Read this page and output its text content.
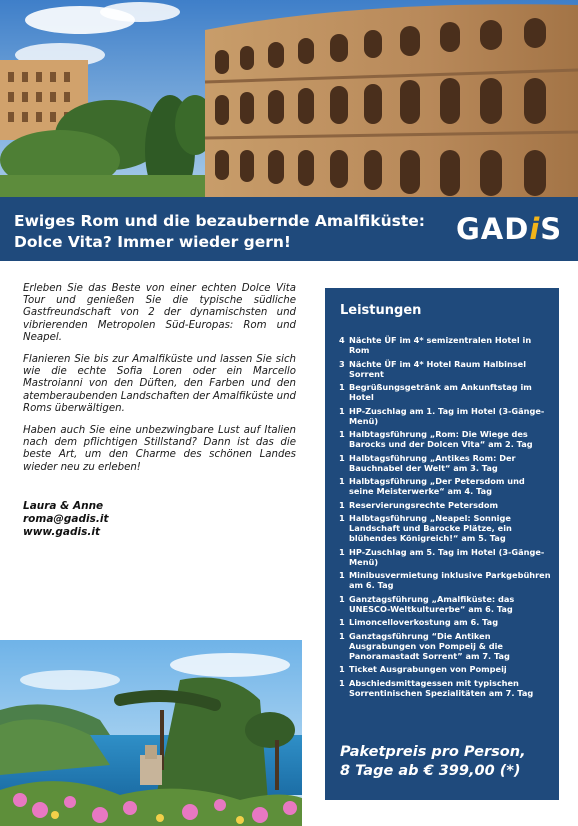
Ewiges Rom und die bezaubernde Amalfiküste:
Dolce Vita? Immer wieder gern!	GADiS

Erleben Sie das Beste von einer echten Dolce Vita Tour und genießen Sie die typische südliche Gastfreundschaft von 2 der dynamischsten und vibrierenden Metropolen Süd-Europas: Rom und Neapel.

Flanieren Sie bis zur Amalfiküste und lassen Sie sich wie die echte Sofia Loren oder ein Marcello Mastroianni von den Düften, den Farben und den atemberaubenden Landschaften der Amalfiküste und Roms überwältigen.

Haben auch Sie eine unbezwingbare Lust auf Italien nach dem pflichtigen Stillstand? Dann ist das die beste Art, um den Charme des schönen Landes wieder neu zu erleben!

Laura & Anne
roma@gadis.it
www.gadis.it
Leistungen
4 Nächte ÜF im 4* semizentralen Hotel in Rom
3 Nächte ÜF im 4* Hotel Raum Halbinsel Sorrent
1 Begrüßungsgetränk am Ankunftstag im Hotel
1 HP-Zuschlag am 1. Tag im Hotel (3-Gänge-Menü)
1 Halbtagsführung „Rom: Die Wiege des Barocks und der Dolcen Vita“ am 2. Tag
1 Halbtagsführung „Antikes Rom: Der Bauchnabel der Welt“ am 3. Tag
1 Halbtagsführung „Der Petersdom und seine Meisterwerke“ am 4. Tag
1 Reservierungsrechte Petersdom
1 Halbtagsführung „Neapel: Sonnige Landschaft und Barocke Plätze, ein blühendes Königreich!“ am 5. Tag
1 HP-Zuschlag am 5. Tag im Hotel (3-Gänge-Menü)
1 Minibusvermietung inklusive Parkgebühren am 6. Tag
1 Ganztagsführung „Amalfiküste: das UNESCO-Weltkulturerbe“ am 6. Tag
1 Limoncelloverkostung am 6. Tag
1 Ganztagsführung “Die Antiken Ausgrabungen von Pompeij & die Panoramastadt Sorrent” am 7. Tag
1 Ticket Ausgrabungen von Pompeij
1 Abschiedsmittagessen mit typischen Sorrentinischen Spezialitäten am 7. Tag
Paketpreis pro Person,
8 Tage ab € 399,00 (*)
